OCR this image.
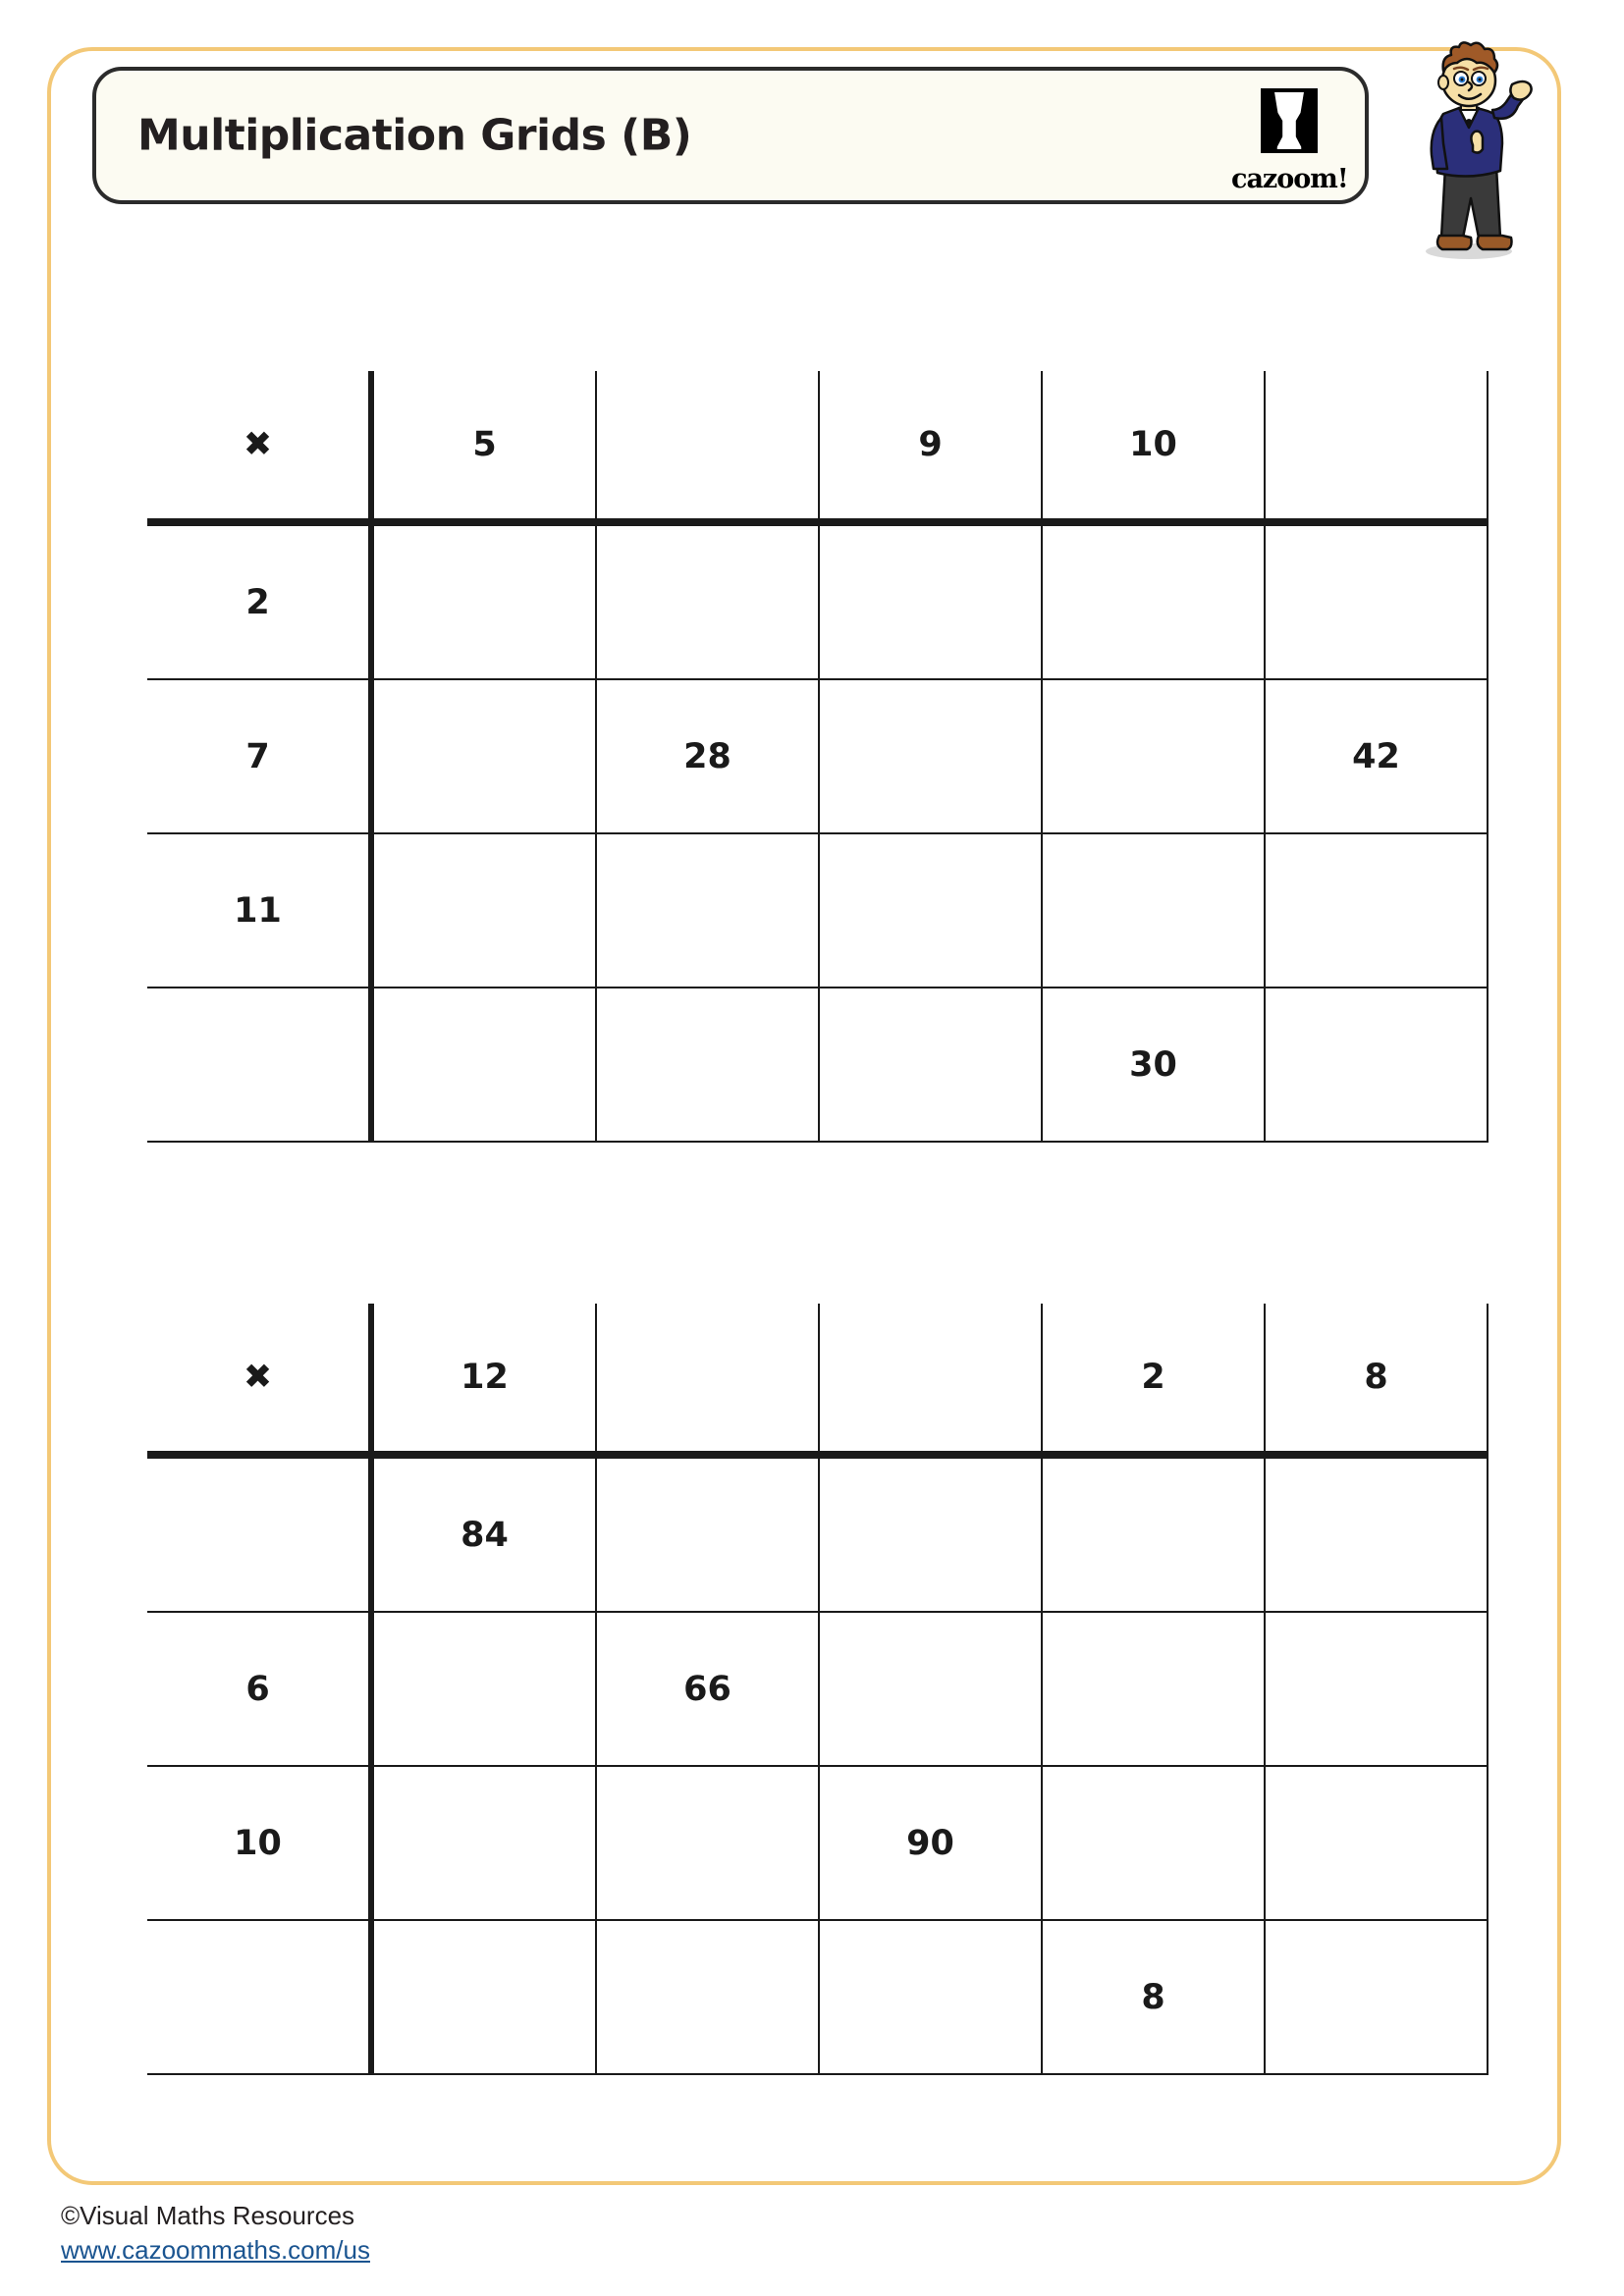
Multiplication Grids (B)
cazoom!
✖	5		9	10	
2					
7		28			42
11					
				30	
✖	12			2	8
	84				
6		66			
10			90		
				8	
©Visual Maths Resources
www.cazoommaths.com/us
